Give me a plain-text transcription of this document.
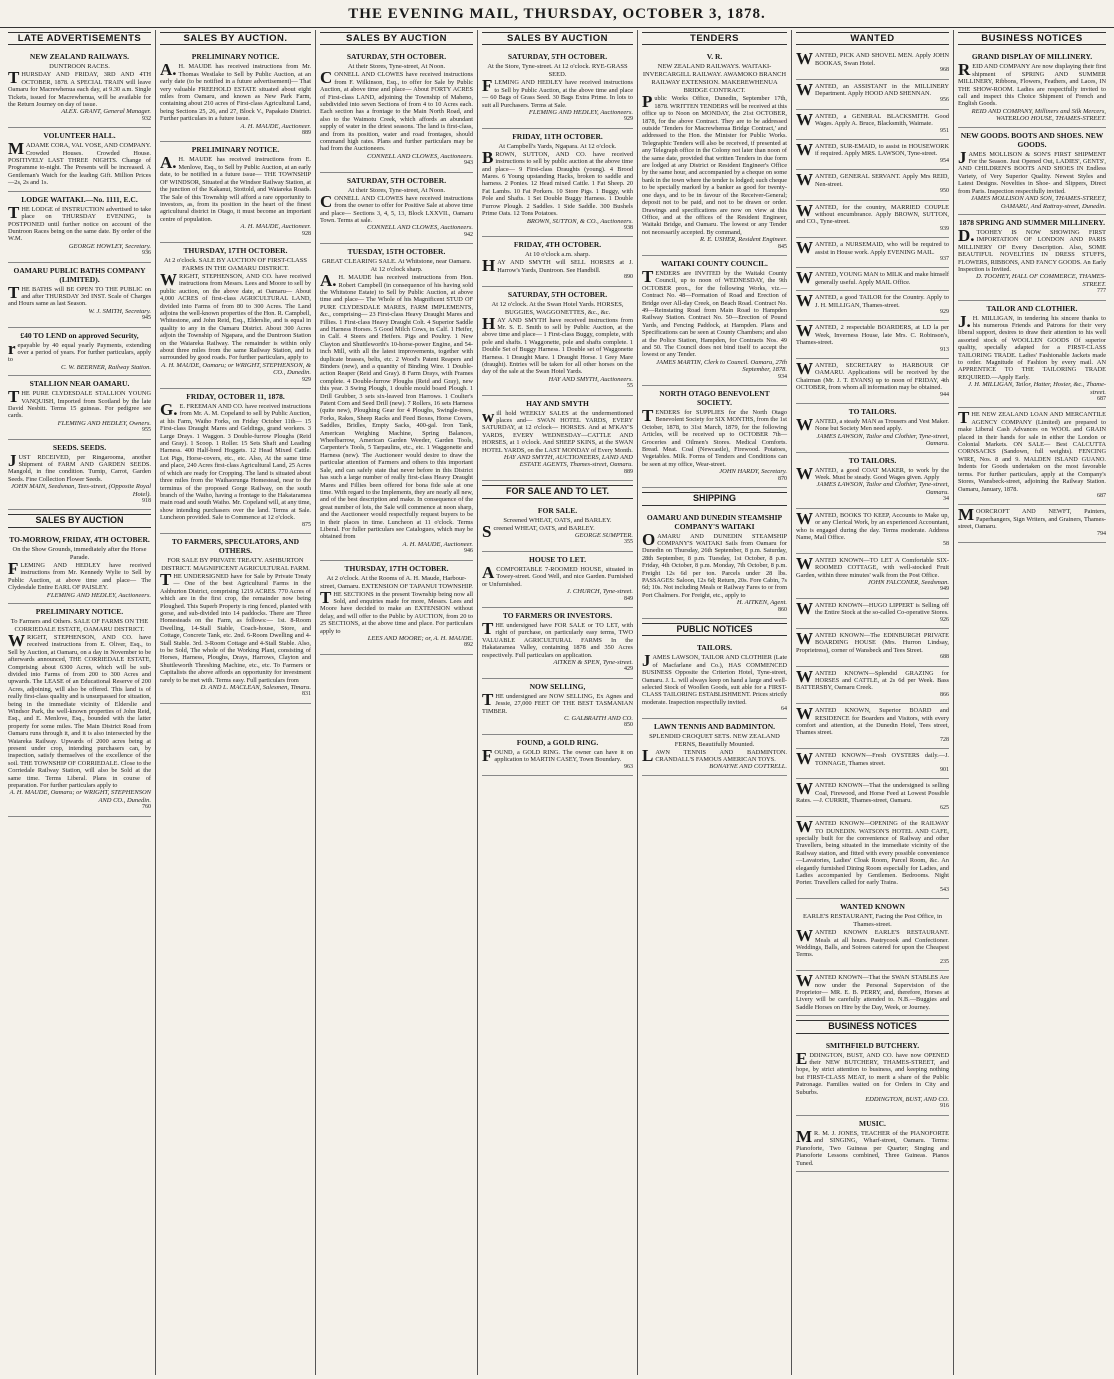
THE EVENING MAIL, THURSDAY, OCTOBER 3, 1878.
LATE ADVERTISEMENTS
NEW ZEALAND RAILWAYS.
DUNTROON RACES.
THURSDAY AND FRIDAY, 3RD AND 4TH OCTOBER, 1878. A SPECIAL TRAIN will leave Oamaru for Macrewhenua each day, at 9.30 a.m. Single Tickets, issued for Macrewhenua, will be available for the Return Journey on day of issue.
ALEX. GRANT, General Manager.
932
VOLUNTEER HALL.
MADAME CORA, VAL VOSE, AND COMPANY. Crowded Houses. Crowded House. POSITIVELY LAST THREE NIGHTS. Change of Programme to-night. The Presents will be increased. A Gentleman's Watch for the leading Gift. Million Prices—2s, 2s and 1s.
LODGE WAITAKI.—No. 1111, E.C.
THE LODGE of INSTRUCTION advertised to take place on THURSDAY EVENING, is POSTPONED until further notice on account of the Duntroon Races being on the same date. By order of the W.M.
GEORGE HOWLEY, Secretary.
936
OAMARU PUBLIC BATHS COMPANY (LIMITED).
THE BATHS will BE OPEN TO THE PUBLIC on and after THURSDAY 3rd INST. Scale of Charges and Hours same as last Season.
W. J. SMITH, Secretary.
945
£40 TO LEND on approved Security,
repayable by 40 equal yearly Payments, extending over a period of years. For further particulars, apply to
C. W. BEERNER, Railway Station.
STALLION NEAR OAMARU.
THE PURE CLYDESDALE STALLION YOUNG VANQUISH, Imported from Scotland by the late David Nesbitt. Terms 15 guineas. For pedigree see cards.
FLEMING AND HEDLEY, Owners.
955
SEEDS. SEEDS.
JUST RECEIVED, per Ringarooma, another Shipment of FARM AND GARDEN SEEDS. Mangold, in fine condition. Turnip, Carrot, Garden Seeds. Fine Collection Flower Seeds.
JOHN MAIN, Seedsman, Tees-street, (Opposite Royal Hotel).
918
SALES BY AUCTION
TO-MORROW, FRIDAY, 4TH OCTOBER.
On the Show Grounds, immediately after the Horse Parade.
FLEMING AND HEDLEY have received instructions from Mr. Kennedy Wylie to Sell by Public Auction, at above time and place— The Clydesdale Entire EARL OF PAISLEY.
FLEMING AND HEDLEY, Auctioneers.
PRELIMINARY NOTICE.
To Farmers and Others. SALE OF FARMS ON THE CORRIEDALE ESTATE, OAMARU DISTRICT.
WRIGHT, STEPHENSON, AND CO. have received instructions from E. Oliver, Esq., to Sell by Auction, at Oamaru, on a day in November to be afterwards announced, THE CORRIEDALE ESTATE, Comprising about 6300 Acres, which will be sub-divided into Farms of from 200 to 300 Acres and upwards. The LEASE of an Educational Reserve of 200 Acres, adjoining, will also be offered. This land is of really first-class quality and is unsurpassed for situation, being in the immediate vicinity of Elderslie and Windsor Park, the well-known properties of John Reid, Esq., and E. Menlove, Esq., bounded with the latter property for some miles. The Main District Road from Oamaru runs through it, and it is also intersected by the Waiareka Railway. Upwards of 2000 acres being at present under crop, intending purchasers can, by inspection, satisfy themselves of the excellence of the soil. THE TOWNSHIP OF CORRIEDALE. Close to the Corriedale Railway Station, will also be Sold at the same time. Terms Liberal. Plans in course of preparation. For further particulars apply to
A. H. MAUDE, Oamaru; or WRIGHT, STEPHENSON AND CO., Dunedin.
760
SALES BY AUCTION.
PRELIMINARY NOTICE.
A.H. MAUDE has received instructions from Mr. Thomas Westlake to Sell by Public Auction, at an early date (to be notified in a future advertisement)— That very valuable FREEHOLD ESTATE situated about eight miles from Oamaru, and known as New Park Farm, containing about 210 acres of First-class Agricultural Land, being Sections 25, 26, and 27, Block V., Papakaio District. Further particulars in a future issue.
A. H. MAUDE, Auctioneer.
889
PRELIMINARY NOTICE.
A.H. MAUDE has received instructions from E. Menlove, Esq., to Sell by Public Auction, at an early date, to be notified in a future issue— THE TOWNSHIP OF WINDSOR, Situated at the Windsor Railway Station, at the junction of the Kakanui, Stottold, and Waiareka Roads. The Sale of this Township will afford a rare opportunity to investors, as, from its position in the heart of the finest agricultural district in Otago, it must become an important centre of population.
A. H. MAUDE, Auctioneer.
928
THURSDAY, 17TH OCTOBER.
At 2 o'clock. SALE BY AUCTION OF FIRST-CLASS FARMS IN THE OAMARU DISTRICT.
WRIGHT, STEPHENSON, AND CO. have received instructions from Messrs. Lees and Moore to sell by public auction, on the above date, at Oamaru— About 4,000 ACRES of first-class AGRICULTURAL LAND, divided into Farms of from 80 to 300 Acres. The Land adjoins the well-known properties of the Hon. R. Campbell, Whitestone, and John Reid, Esq., Elderslie, and is equal in quality to any in the Oamaru District. About 300 Acres adjoin the Township of Ngapara, and the Duntroon Station on the Waiareka Railway. The remainder is within only about three miles from the same Railway Station, and is surrounded by good roads. For further particulars, apply to
A. H. MAUDE, Oamaru; or WRIGHT, STEPHENSON, & CO., Dunedin.
929
FRIDAY, OCTOBER 11, 1878.
G.E. FREEMAN AND CO. have received instructions from Mr. A. M. Copeland to sell by Public Auction, at his Farm, Waiho Forks, on Friday October 11th— 15 First-class Draught Mares and Geldings, grand workers. 3 Large Drays. 1 Waggon. 3 Double-furrow Ploughs (Reid and Gray). 1 Scoop. 1 Roller. 15 Sets Shaft and Leading Harness. 400 Half-bred Hoggets. 12 Head Mixed Cattle. Lot Pigs, Horse-covers, etc., etc. Also, At the same time and place, 240 Acres first-class Agricultural Land, 25 Acres of which are ready for Cropping. The land is situated about three miles from the Waihaorunga Homestead, near to the terminus of the proposed Gorge Railway, on the south branch of the Waiho, having a frontage to the Hakataramea main road and south Waiho. Mr. Copeland will, at any time, show intending purchasers over the land. Terms at Sale. Luncheon provided. Sale to Commence at 12 o'clock.
875
TO FARMERS, SPECULATORS, AND OTHERS.
FOR SALE BY PRIVATE TREATY. ASHBURTON DISTRICT. MAGNIFICENT AGRICULTURAL FARM.
THE UNDERSIGNED have for Sale by Private Treaty— One of the best Agricultural Farms in the Ashburton District, comprising 1219 ACRES. 770 Acres of which are in the first crop, the remainder now being Ploughed. This Superb Property is ring fenced, planted with gorse, and sub-divided into 14 paddocks. There are Three Homesteads on the Farm, as follows:— 1st. 8-Room Dwelling, 14-Stall Stable, Coach-house, Store, and Cottage, Concrete Tank, etc. 2nd. 6-Room Dwelling and 4-Stall Stable. 3rd. 3-Room Cottage and 4-Stall Stable. Also, to be Sold, The whole of the Working Plant, consisting of Horses, Harness, Ploughs, Drays, Harrows, Clayton and Shuttleworth Threshing Machine, etc., etc. To Farmers or Capitalists the above affords an opportunity for investment rarely to be met with. Terms easy. Full particulars from
D. AND L. MACLEAN, Salesmen, Timaru.
831
SALES BY AUCTION
SATURDAY, 5TH OCTOBER.
At their Stores, Tyne-street, At Noon.
CONNELL AND CLOWES have received instructions from F. Wilkinson, Esq., to offer for Sale by Public Auction, at above time and place— About FORTY ACRES of First-class LAND, adjoining the Township of Maheno, subdivided into seven Sections of from 4 to 10 Acres each. Each section has a frontage to the Main North Road, and also to the Waimotu Creek, which affords an abundant supply of water in the driest seasons. The land is first-class, and from its position, water and road frontages, should command high rates. Plans and further particulars may be had from the Auctioneers.
CONNELL AND CLOWES, Auctioneers.
943
SATURDAY, 5TH OCTOBER.
At their Stores, Tyne-street, At Noon.
CONNELL AND CLOWES have received instructions from the owner to offer for Positive Sale at above time and place— Sections 3, 4, 5, 13, Block LXXVII., Oamaru Town. Terms at sale.
CONNELL AND CLOWES, Auctioneers.
942
TUESDAY, 15TH OCTOBER.
GREAT CLEARING SALE. At Whitstone, near Oamaru. At 12 o'clock sharp.
A.H. MAUDE has received instructions from Hon. Robert Campbell (in consequence of his having sold the Whitstone Estate) to Sell by Public Auction, at above time and place— The Whole of his Magnificent STUD OF PURE CLYDESDALE MARES, FARM IMPLEMENTS, &c., comprising— 23 First-class Heavy Draught Mares and Fillies. 1 First-class Heavy Draught Colt. 4 Superior Saddle and Harness Horses. 5 Good Milch Cows, in Calf. 1 Heifer, in Calf. 4 Steers and Heifers. Pigs and Poultry. 1 New Clayton and Shuttleworth's 10-horse-power Engine, and 54-inch Mill, with all the latest improvements, together with duplicate brasses, belts, etc. 2 Wood's Patent Reapers and Binders (new), and a quantity of Binding Wire. 1 Double-action Reaper (Reid and Gray). 8 Farm Drays, with Frames complete. 4 Double-furrow Ploughs (Reid and Gray), new this year. 3 Swing Plough, 1 double mould board Plough. 1 Drill Grubber, 3 sets six-leaved Iron Harrows. 1 Coulter's Patent Corn and Seed Drill (new). 7 Rollers, 16 sets Harness (quite new), Ploughing Gear for 4 Ploughs, Swingle-trees, Forks, Rakes, Sheep Racks and Feed Boxes, Horse Covers, Saddles, Bridles, Empty Sacks, 400-gal. Iron Tank, American Weighing Machine, Spring Balances, Wheelbarrow, American Garden Weeder, Garden Tools, Carpenter's Tools, 5 Tarpaulins, etc., etc. 1 Waggonette and Harness (new). The Auctioneer would desire to draw the particular attention of Farmers and others to this important Sale, and can safely state that never before in this District has such a large number of really first-class Heavy Draught Mares and Fillies been offered for bona fide sale at one time. With regard to the Implements, they are nearly all new, and of the best description and make. In consequence of the great number of lots, the Sale will commence at noon sharp, and the Auctioneer would respectfully request buyers to be in their places in time. Luncheon at 11 o'clock. Terms Liberal. For fuller particulars see Catalogues, which may be obtained from
A. H. MAUDE, Auctioneer.
946
THURSDAY, 17TH OCTOBER.
At 2 o'clock. At the Rooms of A. H. Maude, Harbour-street, Oamaru. EXTENSION OF TAPANUI TOWNSHIP.
THE SECTIONS in the present Township being now all Sold, and enquiries made for more, Messrs. Lees and Moore have decided to make an EXTENSION without delay, and will offer to the Public by AUCTION, from 20 to 25 SECTIONS, at the above time and place. For particulars apply to
LEES AND MOORE; or, A. H. MAUDE.
892
SALES BY AUCTION
SATURDAY, 5TH OCTOBER.
At the Store, Tyne-street. At 12 o'clock. RYE-GRASS SEED.
FLEMING AND HEDLEY have received instructions to Sell by Public Auction, at the above time and place— 60 Bags of Grass Seed. 30 Bags Extra Prime. In lots to suit all Purchasers. Terms at Sale.
FLEMING AND HEDLEY, Auctioneers.
929
FRIDAY, 11TH OCTOBER.
At Campbell's Yards, Ngapara. At 12 o'clock.
BROWN, SUTTON, AND CO. have received instructions to sell by public auction at the above time and place— 9 First-class Draughts (young). 4 Brood Mares. 6 Young upstanding Hacks, broken to saddle and harness. 2 Ponies. 12 Head mixed Cattle. 1 Fat Sheep. 20 Fat Lambs. 10 Fat Porkers. 10 Store Pigs. 1 Buggy, with Pole and Shafts. 1 Set Double Buggy Harness. 1 Double Furrow Plough. 2 Saddles. 1 Side Saddle. 300 Bushels Prime Oats. 12 Tons Potatoes.
BROWN, SUTTON, & CO., Auctioneers.
938
FRIDAY, 4TH OCTOBER.
At 10 o'clock a.m. sharp.
HAY AND SMYTH will SELL HORSES at J. Harrow's Yards, Duntroon. See Handbill.
890
SATURDAY, 5TH OCTOBER.
At 12 o'clock. At the Swan Hotel Yards. HORSES, BUGGIES, WAGGONETTES, &c., &c.
HAY AND SMYTH have received instructions from Mr. S. E. Smith to sell by Public Auction, at the above time and place— 1 First-class Buggy, complete, with pole and shafts. 1 Waggonette, pole and shafts complete. 1 Double Set of Buggy Harness. 1 Double set of Waggonette Harness. 1 Draught Mare. 1 Draught Horse. 1 Grey Mare (draught). Entries will be taken for all other horses on the day of the sale at the Swan Hotel Yards.
HAY AND SMYTH, Auctioneers.
55
HAY AND SMYTH
will hold WEEKLY SALES at the undermentioned places and— SWAN HOTEL YARDS, EVERY SATURDAY, at 12 o'clock— HORSES. And at M'KAY'S YARDS, EVERY WEDNESDAY—CATTLE AND HORSES, at 1 o'clock. And SHEEP SKINS, at the SWAN HOTEL YARDS, on the LAST MONDAY of Every Month.
HAY AND SMYTH, AUCTIONEERS, LAND AND ESTATE AGENTS, Thames-street, Oamaru.
889
FOR SALE AND TO LET.
FOR SALE.
Screened WHEAT, OATS, and BARLEY.
Screened WHEAT, OATS, and BARLEY.
GEORGE SUMPTER.
355
HOUSE TO LET.
ACOMFORTABLE 7-ROOMED HOUSE, situated in Towey-street. Good Well, and nice Garden. Furnished or Unfurnished.
J. CHURCH, Tyne-street.
849
TO FARMERS OR INVESTORS.
THE undersigned have FOR SALE or TO LET, with right of purchase, on particularly easy terms, TWO VALUABLE AGRICULTURAL FARMS In the Hakataramea Valley, containing 1878 and 350 Acres respectively. Full particulars on application.
AITKEN & SPEN, Tyne-street.
429
NOW SELLING,
THE undersigned are NOW SELLING, Ex Agnes and Jessie, 27,000 FEET OF THE BEST TASMANIAN TIMBER.
C. GALBRAITH AND CO.
850
FOUND, a GOLD RING.
FOUND, a GOLD RING. The owner can have it on application to MARTIN CASEY, Town Boundary.
963
TENDERS
V. R.
NEW ZEALAND RAILWAYS. WAITAKI-INVERCARGILL RAILWAY. AWAMOKO BRANCH RAILWAY EXTENSION. MAKEREWHENUA BRIDGE CONTRACT.
Public Works Office, Dunedin, September 17th, 1878. WRITTEN TENDERS will be received at this office up to Noon on MONDAY, the 21st OCTOBER, 1878, for the above Contract. They are to be addressed outside 'Tenders for Macrewhenua Bridge Contract,' and addressed to the Hon. the Minister for Public Works. Telegraphic Tenders will also be received, if presented at any Telegraph office in the Colony not later than noon of the same date, provided that written Tenders in due form are lodged at any District or Resident Engineer's Office by the same hour, and accompanied by a cheque on some bank in the town where the tender is lodged; such cheque to be specially marked by a banker as good for twenty-one days, and to be in favour of the Receiver-General; deposit not to be paid, and not to be drawn or order. Drawings and specifications are now on view at this Office, and at the offices of the Resident Engineer, Waitaki Bridge, and Oamaru. The lowest or any Tender not necessarily accepted. By command,
R. E. USHER, Resident Engineer.
845
WAITAKI COUNTY COUNCIL.
TENDERS are INVITED by the Waitaki County Council, up to noon of WEDNESDAY, the 9th OCTOBER prox., for the following Works, viz.— Contract No. 48—Formation of Road and Erection of Bridge over All-day Creek, on Beach Road. Contract No. 49—Reinstating Road from Main Road to Hampden Railway Station. Contract No. 50—Erection of Pound Yards, and Fencing Paddock, at Hampden. Plans and Specifications can be seen at County Chambers; and also at the Police Station, Hampden, for Contracts Nos. 49 and 50. The Council does not bind itself to accept the lowest or any Tender.
JAMES MARTIN, Clerk to Council. Oamaru, 27th September, 1878.
934
NORTH OTAGO BENEVOLENT SOCIETY.
TENDERS for SUPPLIES for the North Otago Benevolent Society for SIX MONTHS, from the 1st October, 1878, to 31st March, 1879, for the following Articles, will be received up to OCTOBER 7th— Groceries and Oilmen's Stores. Medical Comforts. Bread. Meat. Coal (Newcastle), Firewood. Potatoes, Vegetables. Milk. Forms of Tenders and Conditions can be seen at my office, Wear-street.
JOHN HARDY, Secretary.
870
SHIPPING
OAMARU AND DUNEDIN STEAMSHIP COMPANY'S WAITAKI
OAMARU AND DUNEDIN STEAMSHIP COMPANY'S WAITAKI Sails from Oamaru for Dunedin on Thursday, 26th September, 8 p.m. Saturday, 28th September, 8 p.m. Tuesday, 1st October, 8 p.m. Friday, 4th October, 8 p.m. Monday, 7th October, 8 p.m. Freight 12s 6d per ton. Parcels under 28 lbs. PASSAGES: Saloon, 12s 6d; Return, 20s. Fore Cabin, 7s 6d; 10s. Not including Meals or Railway Fares to or from Port Chalmers. For Freight, etc., apply to
H. AITKEN, Agent.
860
PUBLIC NOTICES
TAILORS.
JAMES LAWSON, TAILOR AND CLOTHIER (Late of Macfarlane and Co.), HAS COMMENCED BUSINESS Opposite the Criterion Hotel, Tyne-street, Oamaru. J. L. will always keep on hand a large and well-selected Stock of Woollen Goods, suit able for a FIRST-CLASS TAILORING ESTABLISHMENT. Prices strictly moderate. Inspection respectfully invited.
64
LAWN TENNIS AND BADMINTON.
SPLENDID CROQUET SETS. NEW ZEALAND FERNS, Beautifully Mounted.
LAWN TENNIS AND BADMINTON. CRANDALL'S FAMOUS AMERICAN TOYS.
BONAYNE AND COTTRELL.
WANTED
WANTED, PICK AND SHOVEL MEN. Apply JOHN BOOKAS, Swan Hotel.
968
WANTED, an ASSISTANT in the MILLINERY Department. Apply HOOD AND SHENNAN.
956
WANTED, a GENERAL BLACKSMITH. Good Wages. Apply A. Bruce, Blacksmith, Waimate.
951
WANTED, SUR-EMAID, to assist in HOUSEWORK if required. Apply MRS. LAWSON, Tyne-street.
954
WANTED, GENERAL SERVANT. Apply Mrs REID, Nen-street.
950
WANTED, for the country, MARRIED COUPLE without encumbrance. Apply BROWN, SUTTON, and CO., Tyne-street.
939
WANTED, a NURSEMAID, who will be required to assist in House work. Apply EVENING MAIL.
937
WANTED, YOUNG MAN to MILK and make himself generally useful. Apply MAIL Office.
WANTED, a good TAILOR for the Country. Apply to J. H. MILLIGAN, Thames-street.
929
WANTED, 2 respectable BOARDERS, at LD la per Week, Inverness House, late Mrs. C. Robinson's, Thames-street.
913
WANTED, SECRETARY to HARBOUR OF OAMARU. Applications will be received by the Chairman (Mr. J. T. EVANS) up to noon of FRIDAY, 4th OCTOBER, from whom all information may be obtained.
944
TO TAILORS.
WANTED, a steady MAN as Trousers and Vest Maker. None but Society Men need apply.
JAMES LAWSON, Tailor and Clothier, Tyne-street, Oamaru.
TO TAILORS.
WANTED, a good COAT MAKER, to work by the Week. Must be steady. Good Wages given. Apply
JAMES LAWSON, Tailor and Clothier, Tyne-street, Oamaru.
34
WANTED, BOOKS TO KEEP, Accounts to Make up, or any Clerical Work, by an experienced Accountant, who is engaged during the day. Terms moderate. Address Name, Mail Office.
58
WANTED KNOWN—TO LET A Comfortable SIX-ROOMED COTTAGE, with well-stocked Fruit Garden, within three minutes' walk from the Post Office.
JOHN FALCONER, Seedsman.
949
WANTED KNOWN—HUGO LIPPERT is Selling off the Entire Stock at the so-called Co-operative Stores.
926
WANTED KNOWN—The EDINBURGH PRIVATE BOARDING HOUSE (Mrs. Hurron Lindsay, Proprietress), corner of Wansbeck and Tees Street.
688
WANTED KNOWN—Splendid GRAZING for HORSES and CATTLE, at 2s 6d per Week. Bass BATTERSBY, Oamaru Creek.
866
WANTED KNOWN, Superior BOARD and RESIDENCE for Boarders and Visitors, with every comfort and attention, at the Dunedin Hotel, Tees street, Thames street.
728
WANTED KNOWN—Fresh OYSTERS daily.—J. TONNAGE, Thames street.
901
WANTED KNOWN—That the undersigned is selling Coal, Firewood, and Horse Feed at Lowest Possible Rates. —J. CURRIE, Thames-street, Oamaru.
625
WANTED KNOWN—OPENING of the RAILWAY TO DUNEDIN. WATSON'S HOTEL AND CAFE, specially built for the convenience of Railway and other Travellers, being situated in the immediate vicinity of the Railway station, and fitted with every possible convenience—Lavatories, Ladies' Cloak Room, Parcel Room, &c. An elegantly furnished Dining Room especially for Ladies, and Ladies accompanied by Gentlemen. Bedrooms. Night Porter. Travellers called for early Trains.
543
WANTED KNOWN
EARLE'S RESTAURANT, Facing the Post Office, in Thames-street.
WANTED KNOWN EARLE'S RESTAURANT. Meals at all hours. Pastrycook and Confectioner. Weddings, Balls, and Soirees catered for upon the Cheapest Terms.
235
WANTED KNOWN—That the SWAN STABLES Are now under the Personal Supervision of the Proprietor— MR. E. B. PERRY, and, therefore, Horses at Livery will be carefully attended to. N.B.—Buggies and Saddle Horses on Hire by the Day, Week, or Journey.
BUSINESS NOTICES
SMITHFIELD BUTCHERY.
EDDINGTON, BUST, AND CO. have now OPENED their NEW BUTCHERY, THAMES-STREET, and hope, by strict attention to business, and keeping nothing but FIRST-CLASS MEAT, to merit a share of the Public Patronage. Families waited on for Orders in City and Suburbs.
EDDINGTON, BUST, AND CO.
916
MUSIC.
MR. M. J. JONES, TEACHER of the PIANOFORTE and SINGING, Wharf-street, Oamaru. Terms: Pianoforte, Two Guineas per Quarter; Singing and Pianoforte Lessons combined, Three Guineas. Pianos Tuned.
BUSINESS NOTICES
GRAND DISPLAY OF MILLINERY.
REID AND COMPANY Are now displaying their first shipment of SPRING AND SUMMER MILLINERY, Ribbons, Flowers, Feathers, and Laces, IN THE SHOW-ROOM. Ladies are respectfully invited to call and inspect this Choice Shipment of French and English Goods.
REID AND COMPANY, Milliners and Silk Mercers, WATERLOO HOUSE, THAMES-STREET.
NEW GOODS. BOOTS AND SHOES. NEW GOODS.
JAMES MOLLISON & SON'S FIRST SHIPMENT For the Season. Just Opened Out, LADIES', GENTS', AND CHILDREN'S BOOTS AND SHOES IN Endless Variety, of Very Superior Quality. Newest Styles and Latest Designs. Novelties in Shoe- and Slippers, Direct from Paris. Inspection respectfully invited.
JAMES MOLLISON AND SON, THAMES-STREET, OAMARU, And Rattray-street, Dunedin.
1878 SPRING AND SUMMER MILLINERY.
D.TOOHEY IS NOW SHOWING FIRST IMPORTATION OF LONDON AND PARIS MILLINERY OF Every Description. Also, SOME BEAUTIFUL NOVELTIES IN DRESS STUFFS, FLOWERS, RIBBONS, AND FANCY GOODS. An Early Inspection is Invited.
D. TOOHEY, HALL OF COMMERCE, THAMES-STREET.
777
TAILOR AND CLOTHIER.
J.H. MILLIGAN, in tendering his sincere thanks to his numerous Friends and Patrons for their very liberal support, desires to draw their attention to his well assorted stock of WOOLLEN GOODS Of superior quality, specially adapted for a FIRST-CLASS TAILORING TRADE. Ladies' Fashionable Jackets made to order. Magnitude of Fashion by every mail. AN APPRENTICE TO THE TAILORING TRADE REQUIRED.—Apply Early.
J. H. MILLIGAN, Tailor, Hatter, Hosier, &c., Thame-street.
687
THE NEW ZEALAND LOAN AND MERCANTILE AGENCY COMPANY (Limited) are prepared to make Liberal Cash Advances on WOOL and GRAIN placed in their hands for sale in either the London or Colonial Markets. ON SALE— Best CALCUTTA CORNSACKS (Sandown, full weights). FENCING WIRE, Nos. 8 and 9. MALDEN ISLAND GUANO. Indents for Goods undertaken on the most favorable terms. For further particulars, apply at the Company's Stores, Wansbeck-street, adjoining the Railway Station. Oamaru, January, 1878.
687
MOORCROFT AND NEWFT, Painters, Paperhangers, Sign Writers, and Grainers, Thames-street, Oamaru.
794
